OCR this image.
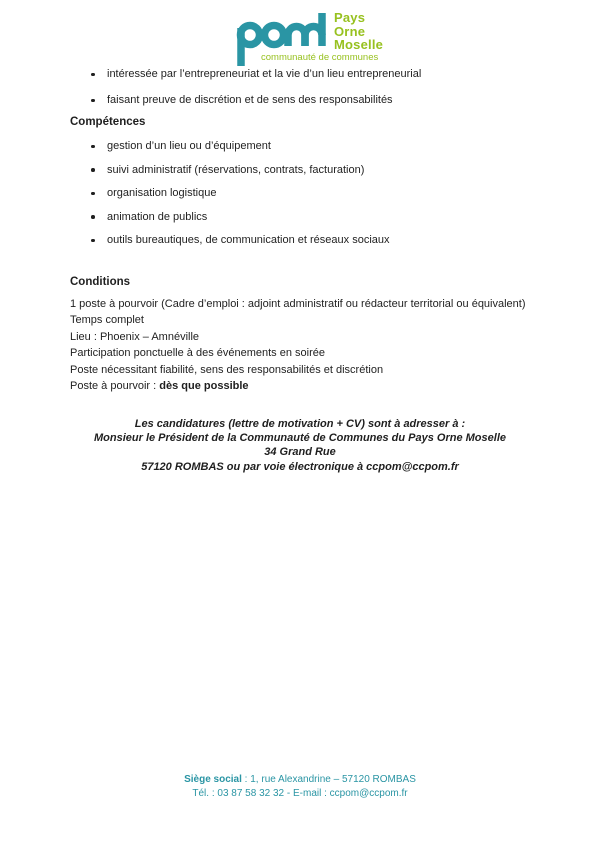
Pays
Orne
Moselle
communauté de communes
intéressée par l’entrepreneuriat et la vie d’un lieu entrepreneurial
faisant preuve de discrétion et de sens des responsabilités
Compétences
gestion d’un lieu ou d’équipement
suivi administratif (réservations, contrats, facturation)
organisation logistique
animation de publics
outils bureautiques, de communication et réseaux sociaux
Conditions
1 poste à pourvoir (Cadre d’emploi : adjoint administratif ou rédacteur territorial ou équivalent)
Temps complet
Lieu : Phoenix – Amnéville
Participation ponctuelle à des événements en soirée
Poste nécessitant fiabilité, sens des responsabilités et discrétion
Poste à pourvoir : dès que possible
Les candidatures (lettre de motivation + CV) sont à adresser à :
Monsieur le Président de la Communauté de Communes du Pays Orne Moselle
34 Grand Rue
57120 ROMBAS ou par voie électronique à ccpom@ccpom.fr
Siège social : 1, rue Alexandrine – 57120 ROMBAS
Tél. : 03 87 58 32 32 - E-mail : ccpom@ccpom.fr
